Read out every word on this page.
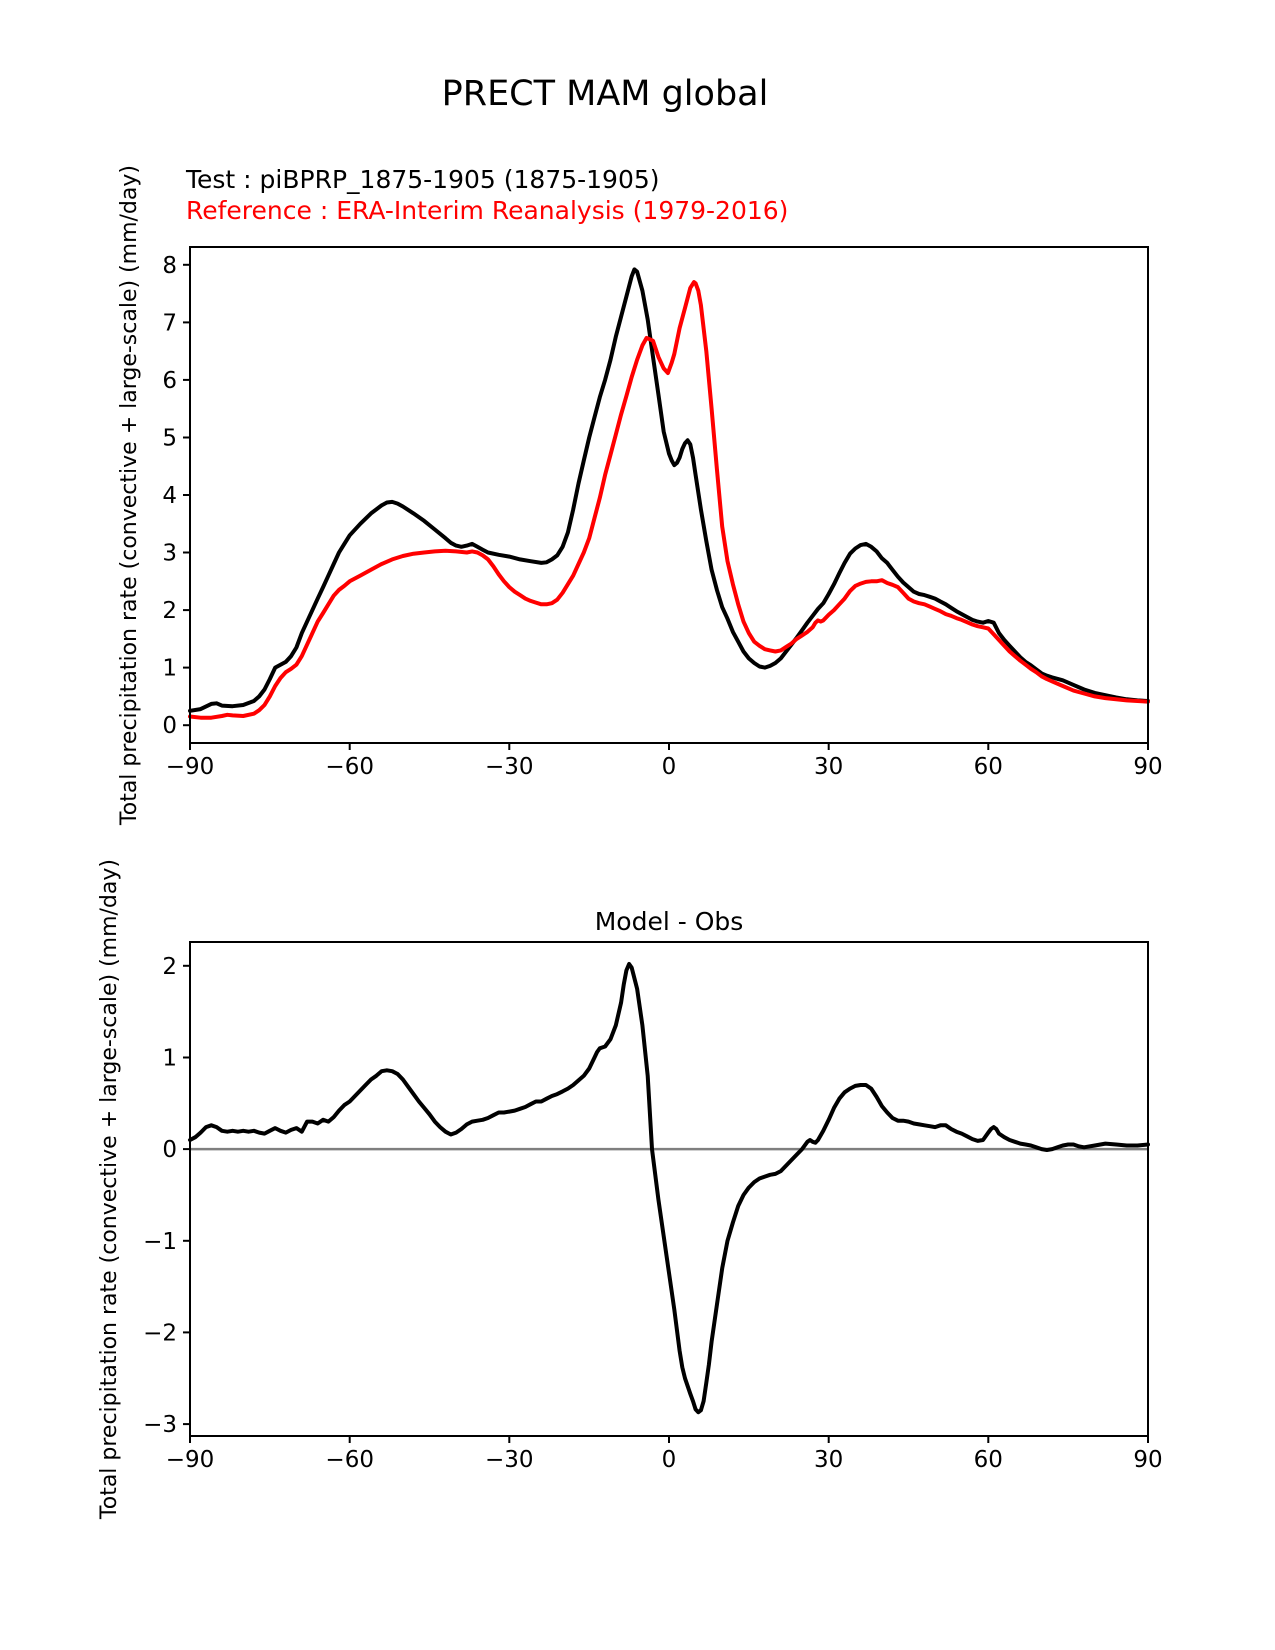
PRECT MAM global
Test : piBPRP_1875-1905 (1875-1905)
Reference : ERA-Interim Reanalysis (1979-2016)
−90	−60	−30	0	30	60	90
0
1
2
3
4
5
6
7
8
Total precipitation rate (convective + large-scale) (mm/day)
−90	−60	−30	0	30	60	90
−3
−2
−1
0
1
2
Model - Obs
Total precipitation rate (convective + large-scale) (mm/day)
